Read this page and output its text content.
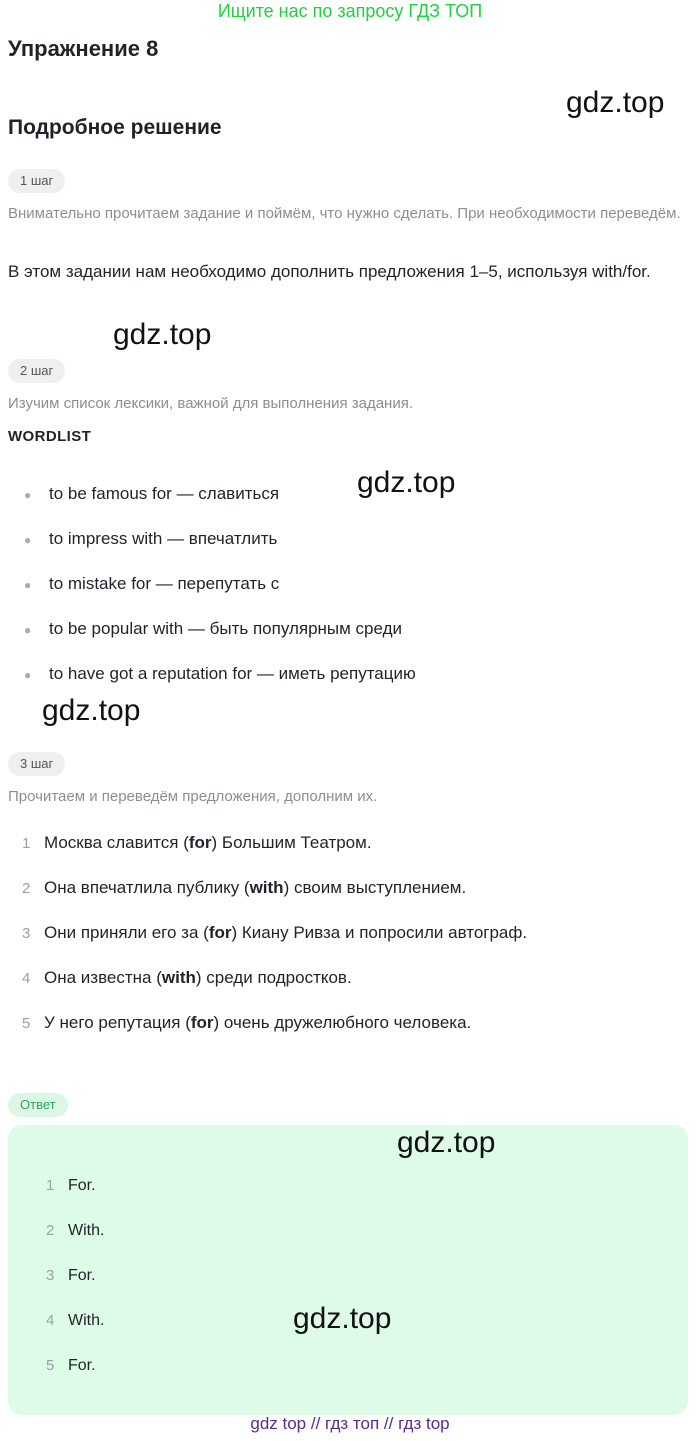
Ищите нас по запросу ГДЗ ТОП
Упражнение 8
gdz.top
Подробное решение
1 шаг
Внимательно прочитаем задание и поймём, что нужно сделать. При необходимости переведём.
В этом задании нам необходимо дополнить предложения 1–5, используя with/for.
gdz.top
2 шаг
Изучим список лексики, важной для выполнения задания.
WORDLIST
● to be famous for — славиться
● to impress with — впечатлить
● to mistake for — перепутать с
● to be popular with — быть популярным среди
● to have got a reputation for — иметь репутацию
gdz.top
gdz.top
3 шаг
Прочитаем и переведём предложения, дополним их.
1 Москва славится (for) Большим Театром.
2 Она впечатлила публику (with) своим выступлением.
3 Они приняли его за (for) Киану Ривза и попросили автограф.
4 Она известна (with) среди подростков.
5 У него репутация (for) очень дружелюбного человека.
Ответ
1 For.
2 With.
3 For.
4 With.
5 For.
gdz.top
gdz.top
gdz top // гдз топ // гдз top
